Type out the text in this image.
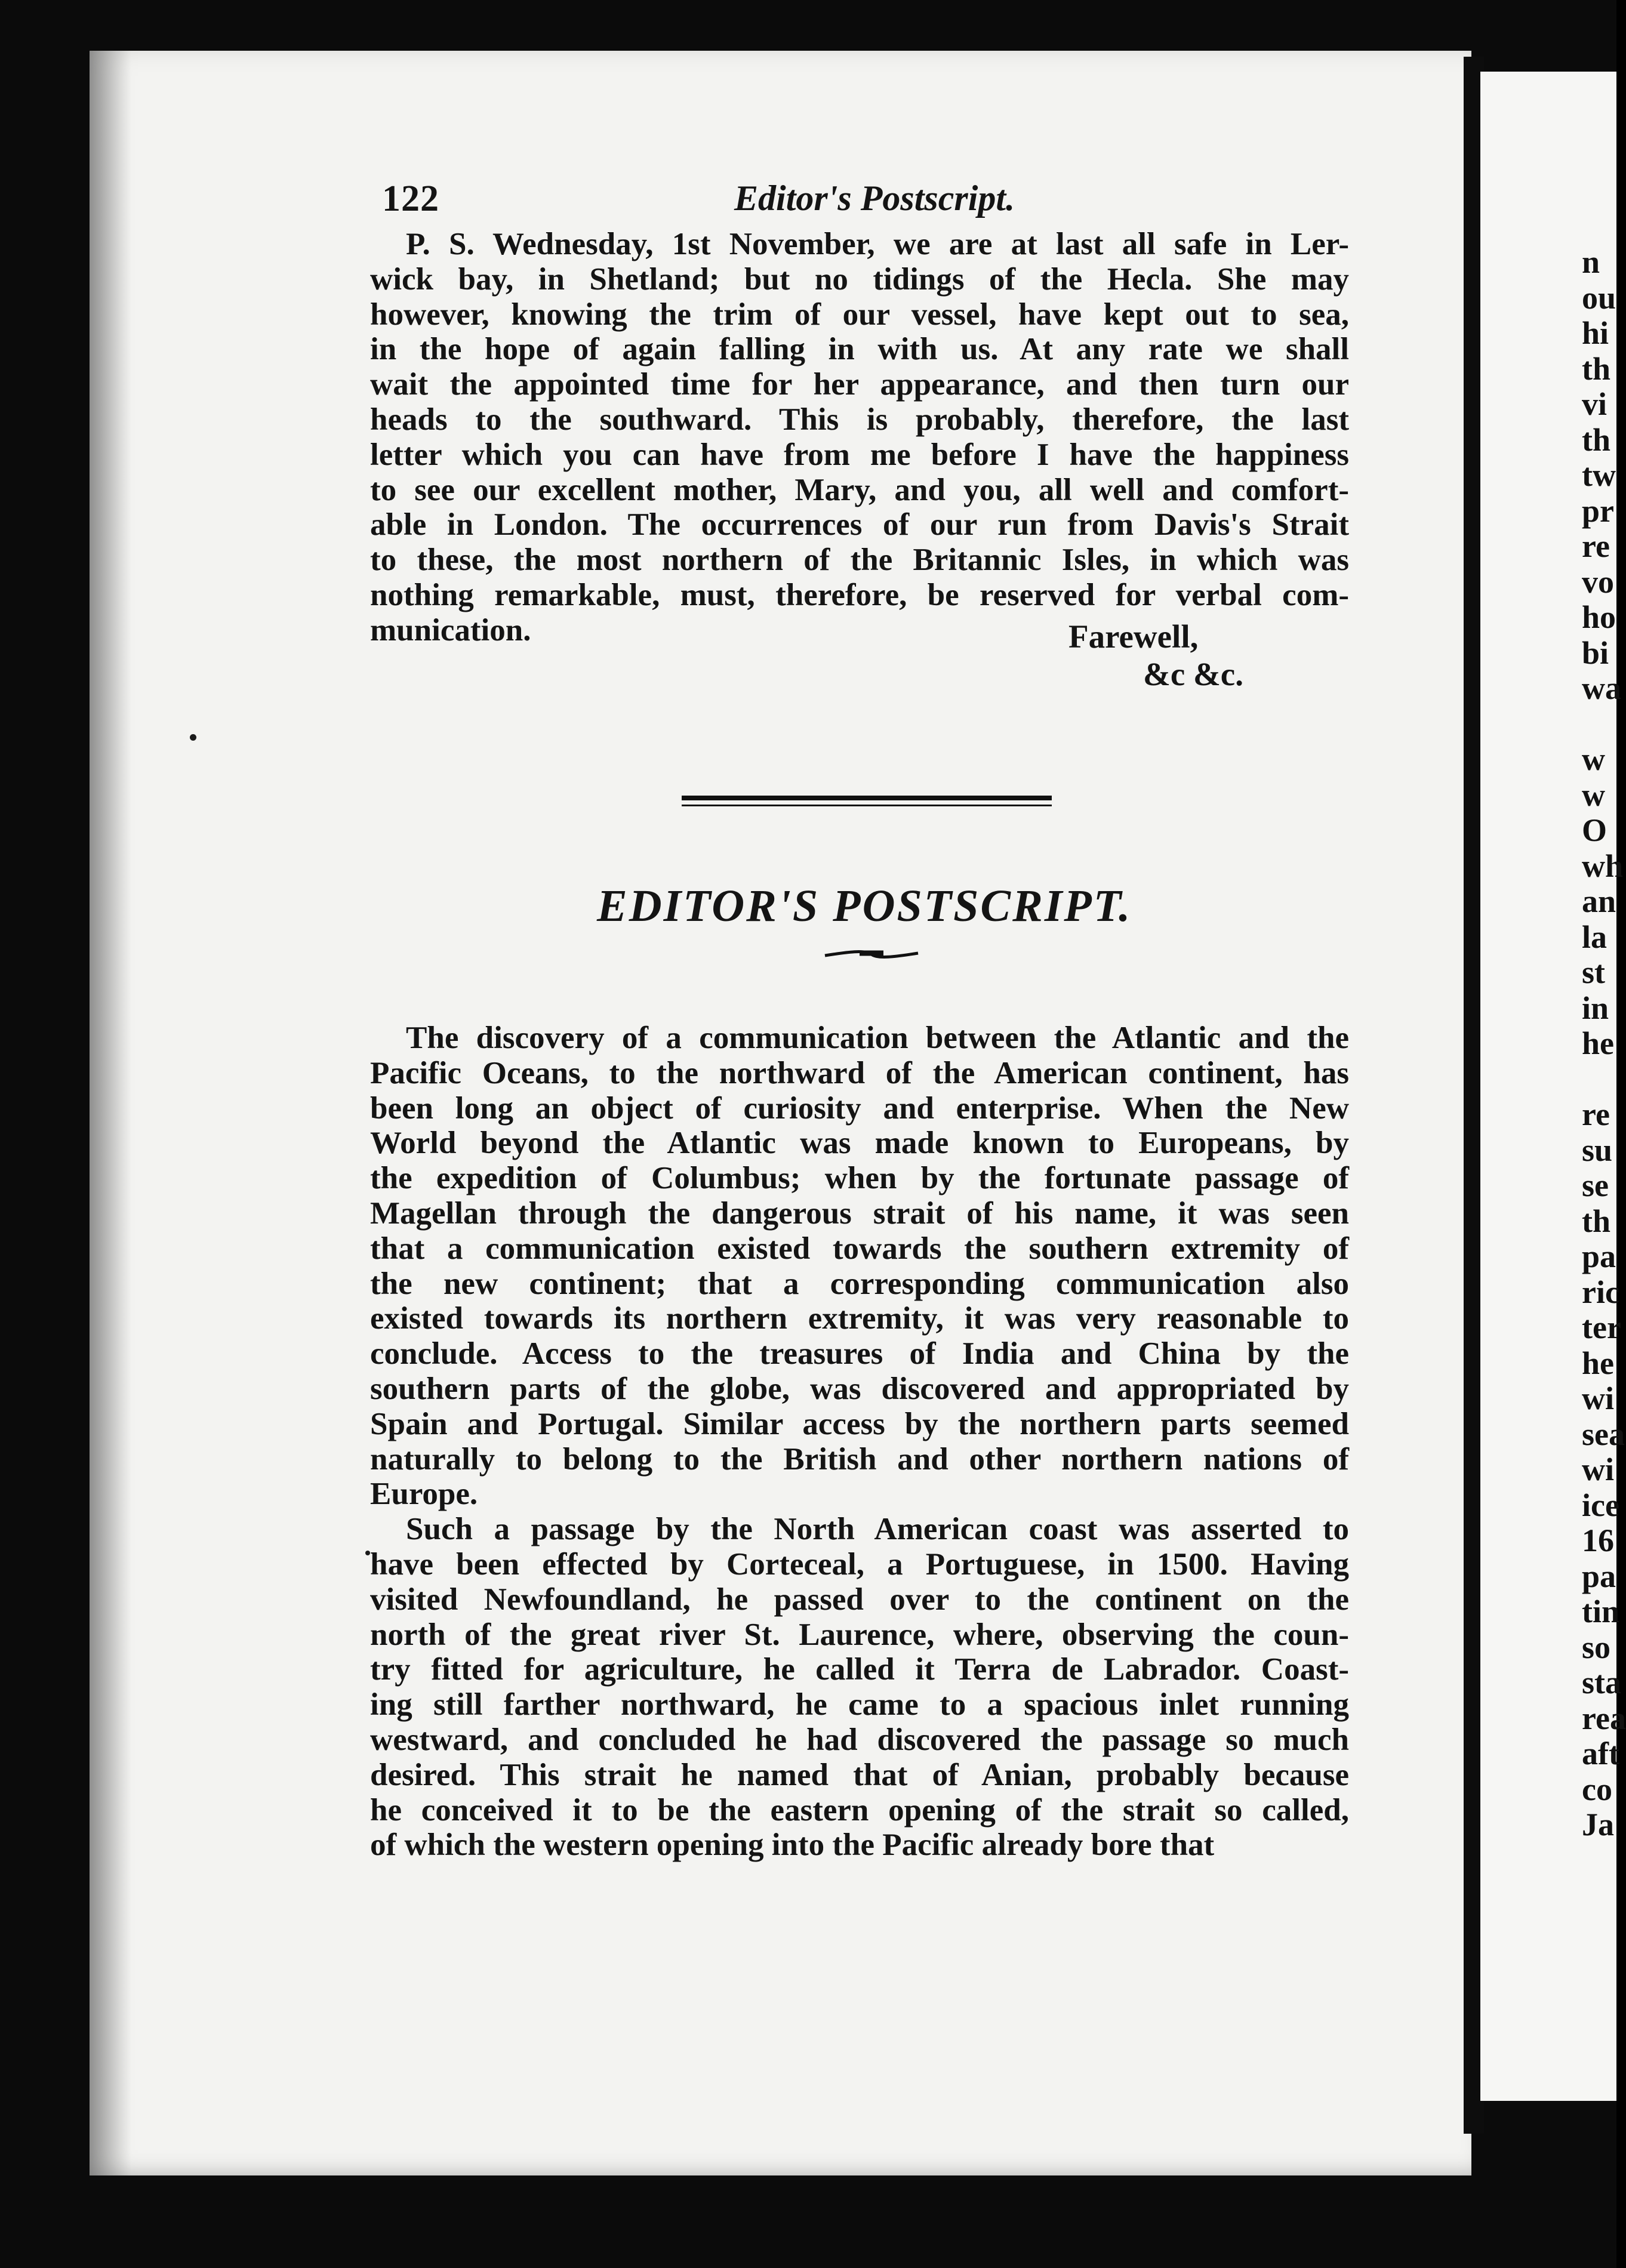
n
ou
hi
th
vi
th
tw
pr
re
vo
ho
bi
wa

w
w
O
wh
an
la
st
in
he

re
su
se
th
pa
ric
ter
he
wi
sea
wi
ice
16
pa
tin
so
sta
rea
aft
co
Ja
122	Editor's Postscript.
P. S. Wednesday, 1st November, we are at last all safe in Ler-
wick bay, in Shetland; but no tidings of the Hecla. She may
however, knowing the trim of our vessel, have kept out to sea,
in the hope of again falling in with us. At any rate we shall
wait the appointed time for her appearance, and then turn our
heads to the southward. This is probably, therefore, the last
letter which you can have from me before I have the happiness
to see our excellent mother, Mary, and you, all well and comfort-
able in London. The occurrences of our run from Davis's Strait
to these, the most northern of the Britannic Isles, in which was
nothing remarkable, must, therefore, be reserved for verbal com-
munication.	Farewell,
&c &c.
EDITOR'S POSTSCRIPT.
The discovery of a communication between the Atlantic and the
Pacific Oceans, to the northward of the American continent, has
been long an object of curiosity and enterprise. When the New
World beyond the Atlantic was made known to Europeans, by
the expedition of Columbus; when by the fortunate passage of
Magellan through the dangerous strait of his name, it was seen
that a communication existed towards the southern extremity of
the new continent; that a corresponding communication also
existed towards its northern extremity, it was very reasonable to
conclude. Access to the treasures of India and China by the
southern parts of the globe, was discovered and appropriated by
Spain and Portugal. Similar access by the northern parts seemed
naturally to belong to the British and other northern nations of
Europe.
Such a passage by the North American coast was asserted to
have been effected by Corteceal, a Portuguese, in 1500. Having
visited Newfoundland, he passed over to the continent on the
north of the great river St. Laurence, where, observing the coun-
try fitted for agriculture, he called it Terra de Labrador. Coast-
ing still farther northward, he came to a spacious inlet running
westward, and concluded he had discovered the passage so much
desired. This strait he named that of Anian, probably because
he conceived it to be the eastern opening of the strait so called,
of which the western opening into the Pacific already bore that
